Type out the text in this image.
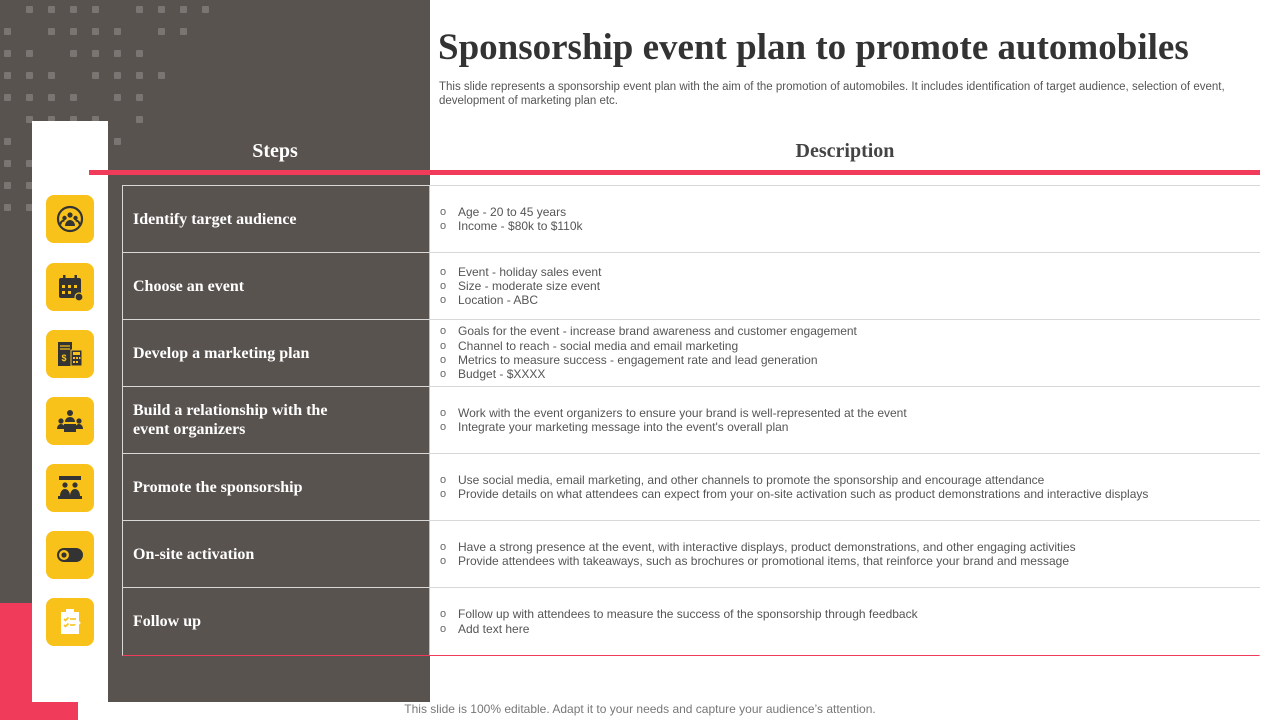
$
Sponsorship event plan to promote automobiles

This slide represents a sponsorship event plan with the aim of the promotion of automobiles. It includes identification of target audience, selection of event, development of marketing plan etc.

Steps	Description
Identify target audience	o Age - 20 to 45 years
o Income - $80k to $110k
Choose an event
o Event - holiday sales event
o Size - moderate size event
o Location - ABC
Develop a marketing plan
o Goals for the event - increase brand awareness and customer engagement
o Channel to reach - social media and email marketing
o Metrics to measure success - engagement rate and lead generation
o Budget - $XXXX
Build a relationship with the event organizers
o Work with the event organizers to ensure your brand is well-represented at the event
o Integrate your marketing message into the event's overall plan
Promote the sponsorship	o Use social media, email marketing, and other channels to promote the sponsorship and encourage attendance
o Provide details on what attendees can expect from your on-site activation such as product demonstrations and interactive displays
On-site activation	o Have a strong presence at the event, with interactive displays, product demonstrations, and other engaging activities
o Provide attendees with takeaways, such as brochures or promotional items, that reinforce your brand and message
Follow up	o Follow up with attendees to measure the success of the sponsorship through feedback
o Add text here
This slide is 100% editable. Adapt it to your needs and capture your audience’s attention.
